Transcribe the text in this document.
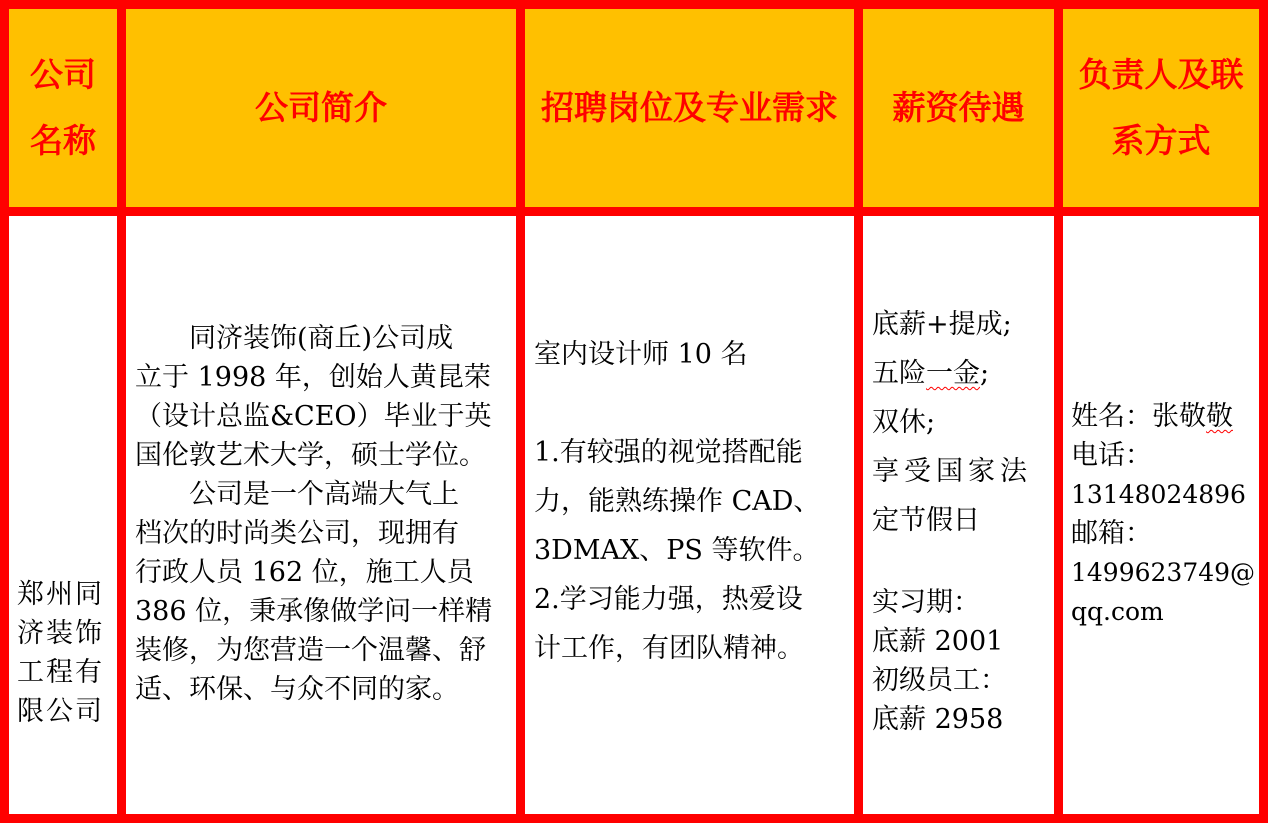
公司
名称
公司简介	招聘岗位及专业需求 薪资待遇
负责人及联
系方式
郑州同
济装饰
工程有
限公司
同济装饰(商丘)公司成
立于 1998 年，创始人黄昆荣
（设计总监&CEO）毕业于英
国伦敦艺术大学，硕士学位。
公司是一个高端大气上
档次的时尚类公司，现拥有
行政人员 162 位，施工人员
386 位，秉承像做学问一样精
装修，为您营造一个温馨、舒
适、环保、与众不同的家。
室内设计师 10 名

1.有较强的视觉搭配能
力，能熟练操作 CAD、
3DMAX、PS 等软件。
2.学习能力强，热爱设
计工作，有团队精神。
底薪+提成;
五险一金;
双休;
享受国家法
定节假日
实习期：
底薪 2001
初级员工：
底薪 2958
姓名：张敬敬
电话：
13148024896
邮箱：
1499623749@
qq.com
